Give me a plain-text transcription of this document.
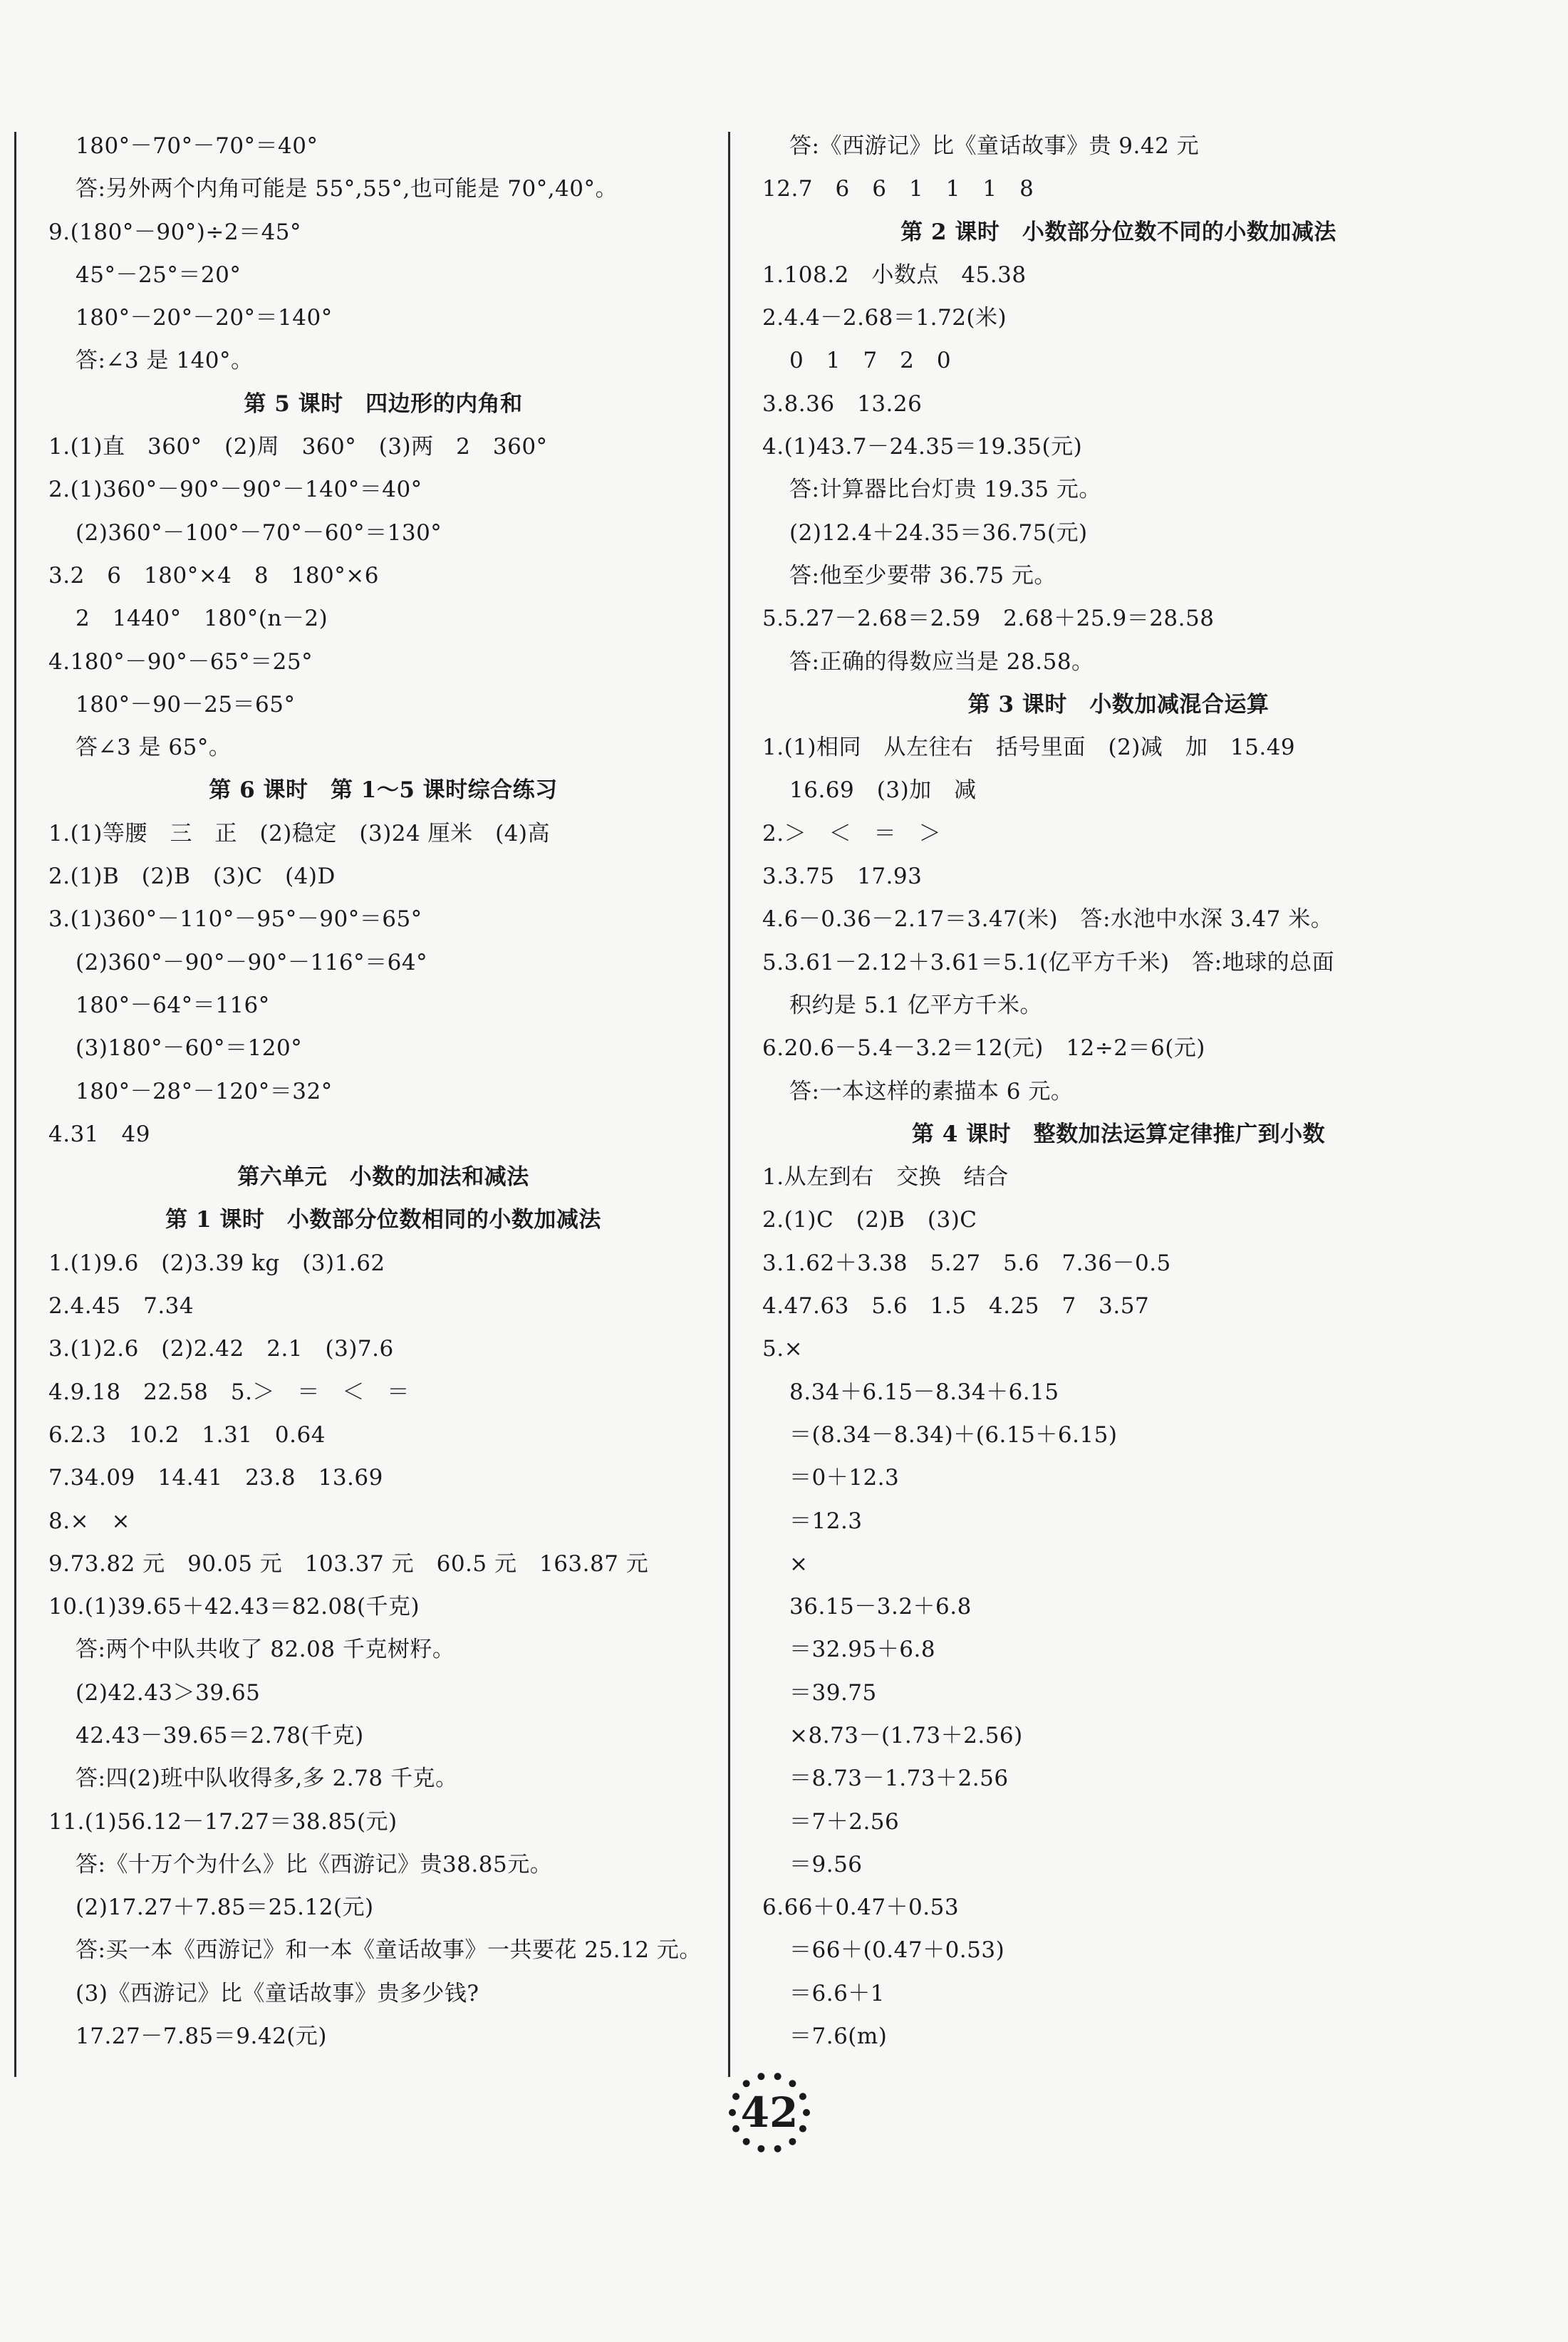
180°－70°－70°＝40°
答:另外两个内角可能是 55°,55°,也可能是 70°,40°。
9.(180°－90°)÷2＝45°
45°－25°＝20°
180°－20°－20°＝140°
答:∠3 是 140°。
第 5 课时　四边形的内角和
1.(1)直　360°　(2)周　360°　(3)两　2　360°
2.(1)360°－90°－90°－140°＝40°
(2)360°－100°－70°－60°＝130°
3.2　6　180°×4　8　180°×6
2　1440°　180°(n－2)
4.180°－90°－65°＝25°
180°－90－25＝65°
答∠3 是 65°。
第 6 课时　第 1～5 课时综合练习
1.(1)等腰　三　正　(2)稳定　(3)24 厘米　(4)高
2.(1)B　(2)B　(3)C　(4)D
3.(1)360°－110°－95°－90°＝65°
(2)360°－90°－90°－116°＝64°
180°－64°＝116°
(3)180°－60°＝120°
180°－28°－120°＝32°
4.31　49
第六单元　小数的加法和减法
第 1 课时　小数部分位数相同的小数加减法
1.(1)9.6　(2)3.39 kg　(3)1.62
2.4.45　7.34
3.(1)2.6　(2)2.42　2.1　(3)7.6
4.9.18　22.58　5.＞　＝　＜　＝
6.2.3　10.2　1.31　0.64
7.34.09　14.41　23.8　13.69
8.×　×
9.73.82 元　90.05 元　103.37 元　60.5 元　163.87 元
10.(1)39.65＋42.43＝82.08(千克)
答:两个中队共收了 82.08 千克树籽。
(2)42.43＞39.65
42.43－39.65＝2.78(千克)
答:四(2)班中队收得多,多 2.78 千克。
11.(1)56.12－17.27＝38.85(元)
答:《十万个为什么》比《西游记》贵38.85元。
(2)17.27＋7.85＝25.12(元)
答:买一本《西游记》和一本《童话故事》一共要花 25.12 元。
(3)《西游记》比《童话故事》贵多少钱?
17.27－7.85＝9.42(元)
答:《西游记》比《童话故事》贵 9.42 元
12.7　6　6　1　1　1　8
第 2 课时　小数部分位数不同的小数加减法
1.108.2　小数点　45.38
2.4.4－2.68＝1.72(米)
0　1　7　2　0
3.8.36　13.26
4.(1)43.7－24.35＝19.35(元)
答:计算器比台灯贵 19.35 元。
(2)12.4＋24.35＝36.75(元)
答:他至少要带 36.75 元。
5.5.27－2.68＝2.59　2.68＋25.9＝28.58
答:正确的得数应当是 28.58。
第 3 课时　小数加减混合运算
1.(1)相同　从左往右　括号里面　(2)减　加　15.49
16.69　(3)加　减
2.＞　＜　＝　＞
3.3.75　17.93
4.6－0.36－2.17＝3.47(米)　答:水池中水深 3.47 米。
5.3.61－2.12＋3.61＝5.1(亿平方千米)　答:地球的总面
积约是 5.1 亿平方千米。
6.20.6－5.4－3.2＝12(元)　12÷2＝6(元)
答:一本这样的素描本 6 元。
第 4 课时　整数加法运算定律推广到小数
1.从左到右　交换　结合
2.(1)C　(2)B　(3)C
3.1.62＋3.38　5.27　5.6　7.36－0.5
4.47.63　5.6　1.5　4.25　7　3.57
5.×
8.34＋6.15－8.34＋6.15
＝(8.34－8.34)＋(6.15＋6.15)
＝0＋12.3
＝12.3
×
36.15－3.2＋6.8
＝32.95＋6.8
＝39.75
×8.73－(1.73＋2.56)
＝8.73－1.73＋2.56
＝7＋2.56
＝9.56
6.66＋0.47＋0.53
＝66＋(0.47＋0.53)
＝6.6＋1
＝7.6(m)
42
